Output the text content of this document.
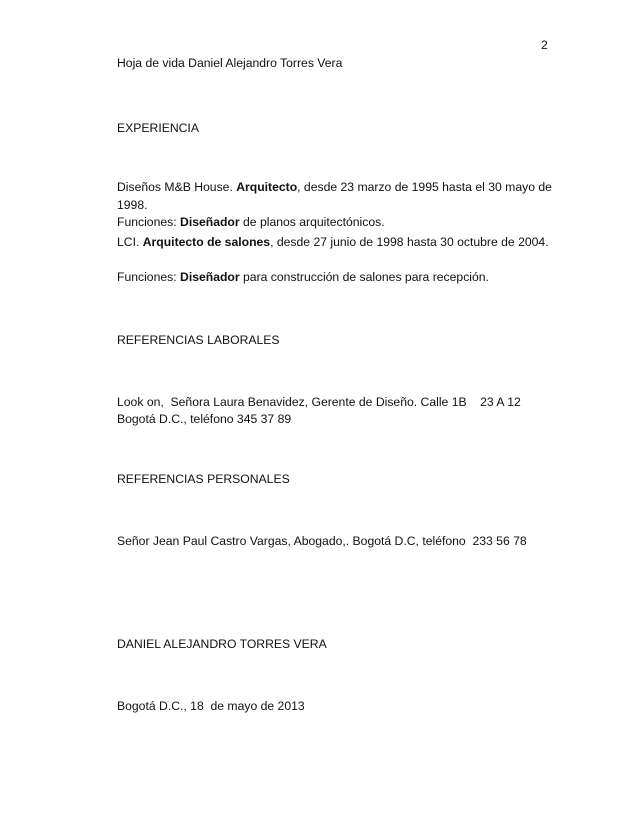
2

Hoja de vida Daniel Alejandro Torres Vera

EXPERIENCIA

Diseños M&B House. Arquitecto, desde 23 marzo de 1995 hasta el 30 mayo de 1998.

Funciones: Diseñador de planos arquitectónicos.

LCI. Arquitecto de salones, desde 27 junio de 1998 hasta 30 octubre de 2004.

Funciones: Diseñador para construcción de salones para recepción.

REFERENCIAS LABORALES

Look on,  Señora Laura Benavidez, Gerente de Diseño. Calle 1B    23 A 12

Bogotá D.C., teléfono 345 37 89

REFERENCIAS PERSONALES

Señor Jean Paul Castro Vargas, Abogado,. Bogotá D.C, teléfono  233 56 78

DANIEL ALEJANDRO TORRES VERA

Bogotá D.C., 18  de mayo de 2013
